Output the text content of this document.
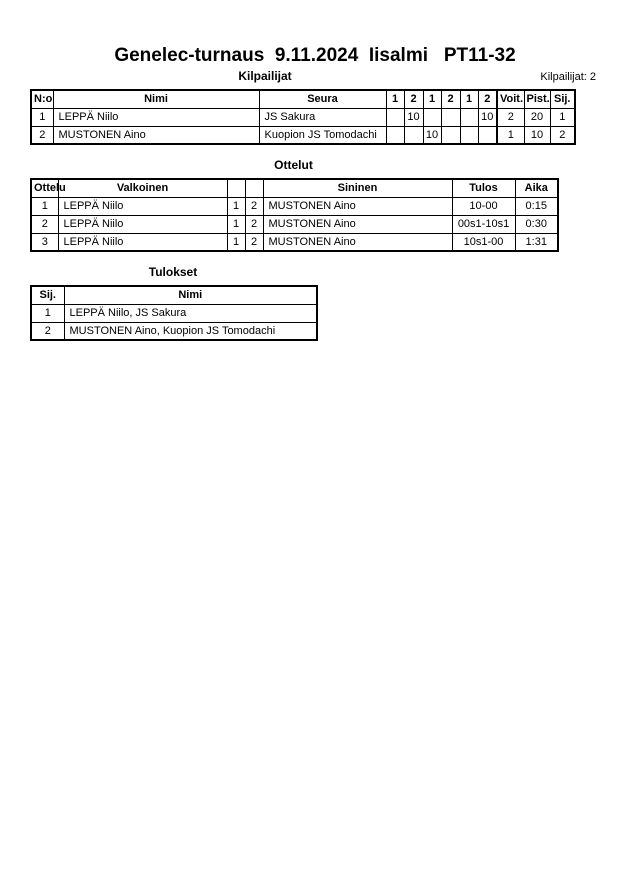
Genelec-turnaus  9.11.2024  Iisalmi   PT11-32
Kilpailijat	Kilpailijat: 2
N:o	Nimi	Seura	1	2	1	2	1	2	Voit.	Pist.	Sij.
1	LEPPÄ Niilo	JS Sakura		10				10	2	20	1
2	MUSTONEN Aino	Kuopion JS Tomodachi			10				1	10	2
Ottelut
Ottelu	Valkoinen			Sininen	Tulos	Aika
1	LEPPÄ Niilo	1	2	MUSTONEN Aino	10-00	0:15
2	LEPPÄ Niilo	1	2	MUSTONEN Aino	00s1-10s1	0:30
3	LEPPÄ Niilo	1	2	MUSTONEN Aino	10s1-00	1:31
Tulokset
Sij.	Nimi
1	LEPPÄ Niilo, JS Sakura
2	MUSTONEN Aino, Kuopion JS Tomodachi
